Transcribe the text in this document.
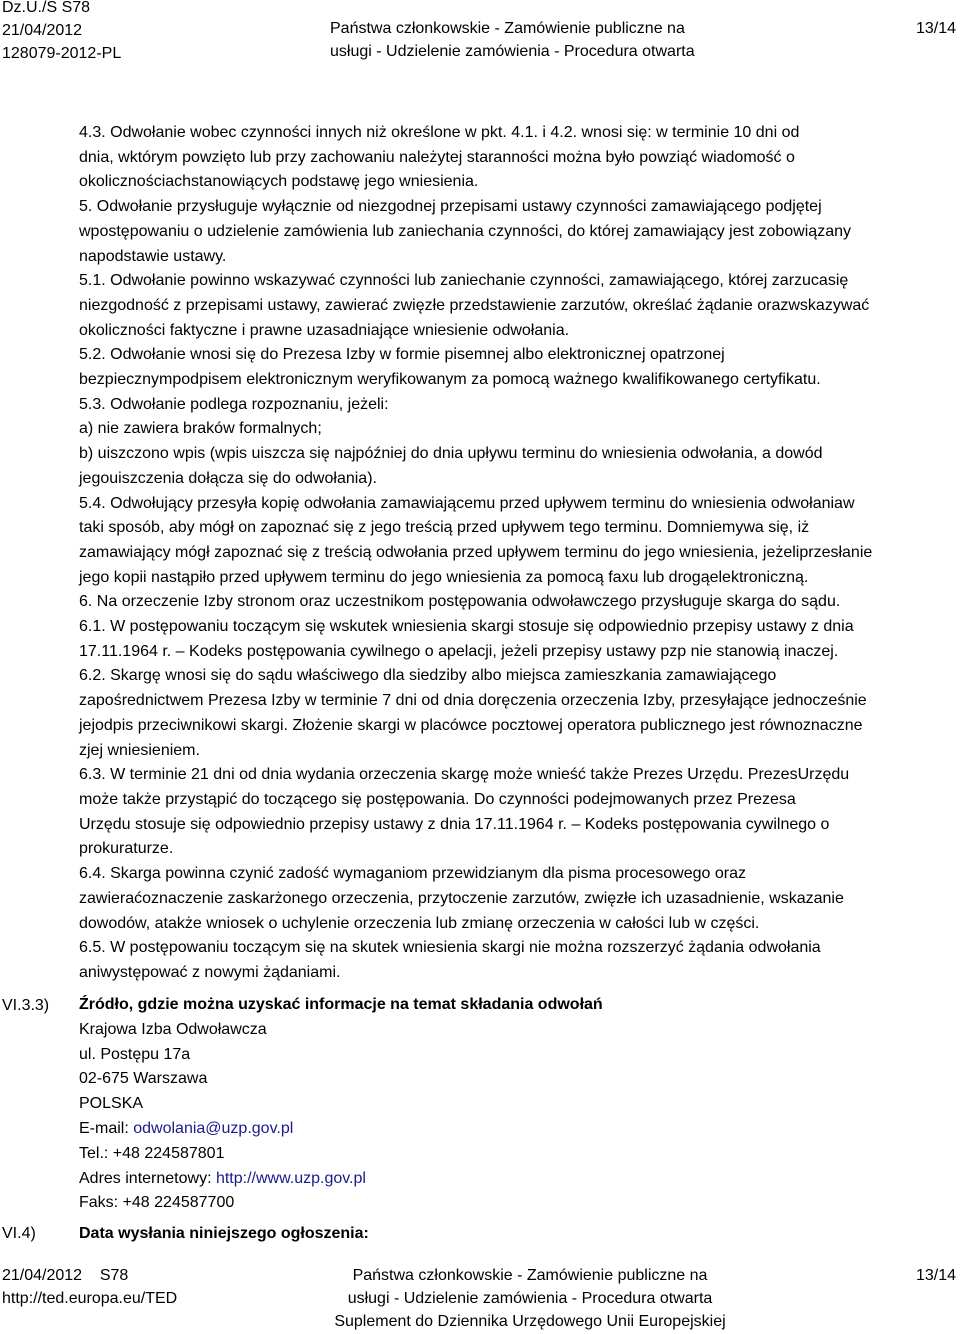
Dz.U./S S78
21/04/2012
128079-2012-PL
Państwa członkowskie - Zamówienie publiczne na
usługi - Udzielenie zamówienia - Procedura otwarta
13/14

4.3. Odwołanie wobec czynności innych niż określone w pkt. 4.1. i 4.2. wnosi się: w terminie 10 dni od

dnia, wktórym powzięto lub przy zachowaniu należytej staranności można było powziąć wiadomość o

okolicznościachstanowiących podstawę jego wniesienia.

5. Odwołanie przysługuje wyłącznie od niezgodnej przepisami ustawy czynności zamawiającego podjętej

wpostępowaniu o udzielenie zamówienia lub zaniechania czynności, do której zamawiający jest zobowiązany

napodstawie ustawy.

5.1. Odwołanie powinno wskazywać czynności lub zaniechanie czynności, zamawiającego, której zarzucasię

niezgodność z przepisami ustawy, zawierać zwięzłe przedstawienie zarzutów, określać żądanie orazwskazywać

okoliczności faktyczne i prawne uzasadniające wniesienie odwołania.

5.2. Odwołanie wnosi się do Prezesa Izby w formie pisemnej albo elektronicznej opatrzonej

bezpiecznympodpisem elektronicznym weryfikowanym za pomocą ważnego kwalifikowanego certyfikatu.

5.3. Odwołanie podlega rozpoznaniu, jeżeli:

a) nie zawiera braków formalnych;

b) uiszczono wpis (wpis uiszcza się najpóźniej do dnia upływu terminu do wniesienia odwołania, a dowód

jegouiszczenia dołącza się do odwołania).

5.4. Odwołujący przesyła kopię odwołania zamawiającemu przed upływem terminu do wniesienia odwołaniaw

taki sposób, aby mógł on zapoznać się z jego treścią przed upływem tego terminu. Domniemywa się, iż

zamawiający mógł zapoznać się z treścią odwołania przed upływem terminu do jego wniesienia, jeżeliprzesłanie

jego kopii nastąpiło przed upływem terminu do jego wniesienia za pomocą faxu lub drogąelektroniczną.

6. Na orzeczenie Izby stronom oraz uczestnikom postępowania odwoławczego przysługuje skarga do sądu.

6.1. W postępowaniu toczącym się wskutek wniesienia skargi stosuje się odpowiednio przepisy ustawy z dnia

17.11.1964 r. – Kodeks postępowania cywilnego o apelacji, jeżeli przepisy ustawy pzp nie stanowią inaczej.

6.2. Skargę wnosi się do sądu właściwego dla siedziby albo miejsca zamieszkania zamawiającego

zapośrednictwem Prezesa Izby w terminie 7 dni od dnia doręczenia orzeczenia Izby, przesyłające jednocześnie

jejodpis przeciwnikowi skargi. Złożenie skargi w placówce pocztowej operatora publicznego jest równoznaczne

zjej wniesieniem.

6.3. W terminie 21 dni od dnia wydania orzeczenia skargę może wnieść także Prezes Urzędu. PrezesUrzędu

może także przystąpić do toczącego się postępowania. Do czynności podejmowanych przez Prezesa

Urzędu stosuje się odpowiednio przepisy ustawy z dnia 17.11.1964 r. – Kodeks postępowania cywilnego o

prokuraturze.

6.4. Skarga powinna czynić zadość wymaganiom przewidzianym dla pisma procesowego oraz

zawieraćoznaczenie zaskarżonego orzeczenia, przytoczenie zarzutów, zwięzłe ich uzasadnienie, wskazanie

dowodów, atakże wniosek o uchylenie orzeczenia lub zmianę orzeczenia w całości lub w części.

6.5. W postępowaniu toczącym się na skutek wniesienia skargi nie można rozszerzyć żądania odwołania

aniwystępować z nowymi żądaniami.

VI.3.3) Źródło, gdzie można uzyskać informacje na temat składania odwołań
Krajowa Izba Odwoławcza
ul. Postępu 17a
02-675 Warszawa
POLSKA
E-mail: odwolania@uzp.gov.pl
Tel.: +48 224587801
Adres internetowy: http://www.uzp.gov.pl
Faks: +48 224587700
VI.4)	Data wysłania niniejszego ogłoszenia:
21/04/2012    S78
http://ted.europa.eu/TED
Państwa członkowskie - Zamówienie publiczne na
usługi - Udzielenie zamówienia - Procedura otwarta
Suplement do Dziennika Urzędowego Unii Europejskiej
13/14
